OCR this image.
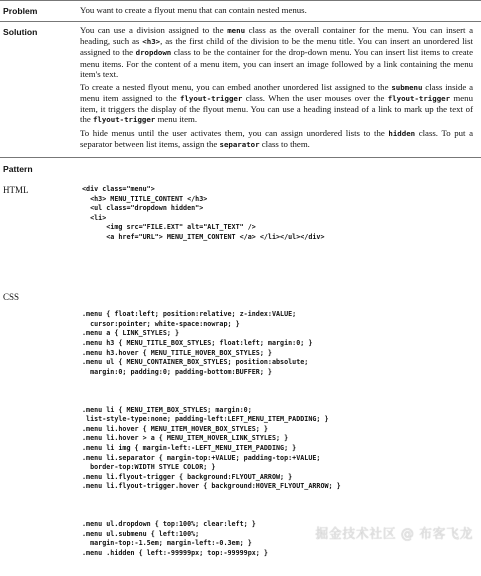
Problem	You want to create a flyout menu that can contain nested menus.
Solution	You can use a division assigned to the menu class as the overall container for the menu. You can insert a heading, such as <h3>, as the first child of the division to be the menu title. You can insert an unordered list assigned to the dropdown class to be the container for the drop-down menu. You can insert list items to create menu items. For the content of a menu item, you can insert an image followed by a link containing the menu item's text.

To create a nested flyout menu, you can embed another unordered list assigned to the submenu class inside a menu item assigned to the flyout-trigger class. When the user mouses over the flyout-trigger menu item, it triggers the display of the flyout menu. You can use a heading instead of a link to mark up the text of the flyout-trigger menu item.

To hide menus until the user activates them, you can assign unordered lists to the hidden class. To put a separator between list items, assign the separator class to them.

Pattern
HTML	<div class="menu">
<h3> MENU_TITLE_CONTENT </h3>
<ul class="dropdown hidden">
<li>
<img src="FILE.EXT" alt="ALT_TEXT" />
<a href="URL"> MENU_ITEM_CONTENT </a> </li></ul></div>
CSS

.menu { float:left; position:relative; z-index:VALUE;
cursor:pointer; white-space:nowrap; }
.menu a { LINK_STYLES; }
.menu h3 { MENU_TITLE_BOX_STYLES; float:left; margin:0; }
.menu h3.hover { MENU_TITLE_HOVER_BOX_STYLES; }
.menu ul { MENU_CONTAINER_BOX_STYLES; position:absolute;
margin:0; padding:0; padding-bottom:BUFFER; }

.menu li { MENU_ITEM_BOX_STYLES; margin:0;
list-style-type:none; padding-left:LEFT_MENU_ITEM_PADDING; }
.menu li.hover { MENU_ITEM_HOVER_BOX_STYLES; }
.menu li.hover > a { MENU_ITEM_HOVER_LINK_STYLES; }
.menu li img { margin-left:-LEFT_MENU_ITEM_PADDING; }
.menu li.separator { margin-top:+VALUE; padding-top:+VALUE;
border-top:WIDTH STYLE COLOR; }
.menu li.flyout-trigger { background:FLYOUT_ARROW; }
.menu li.flyout-trigger.hover { background:HOVER_FLYOUT_ARROW; }

.menu ul.dropdown { top:100%; clear:left; }
.menu ul.submenu { left:100%;
margin-top:-1.5em; margin-left:-0.3em; }
.menu .hidden { left:-99999px; top:-99999px; }

掘金技术社区 @ 布客飞龙
